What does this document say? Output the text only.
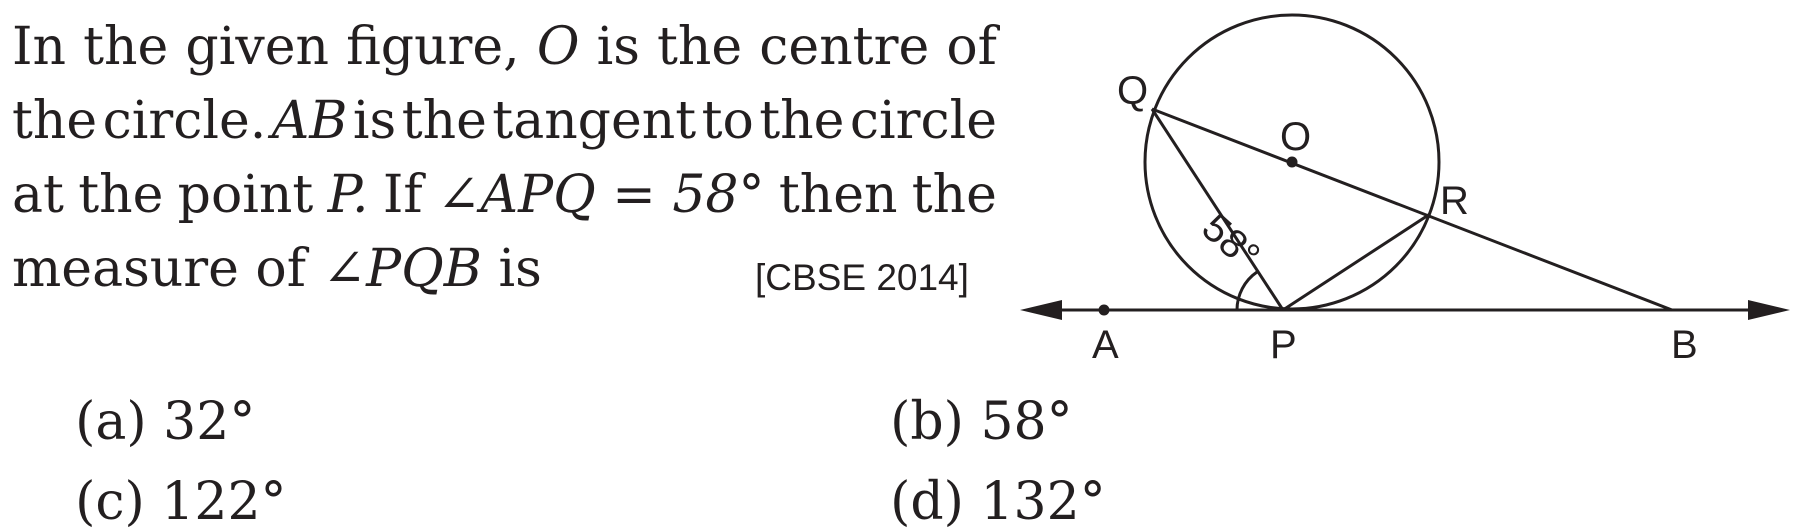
In the given figure, O is the centre of
the circle. AB is the tangent to the circle
at the point P. If ∠APQ = 58° then the
measure
of
∠PQB
is	[CBSE 2014]

(a) 32°	(b) 58°

(c) 122°	(d) 132°

Q
O
R
A	P	B
58°
